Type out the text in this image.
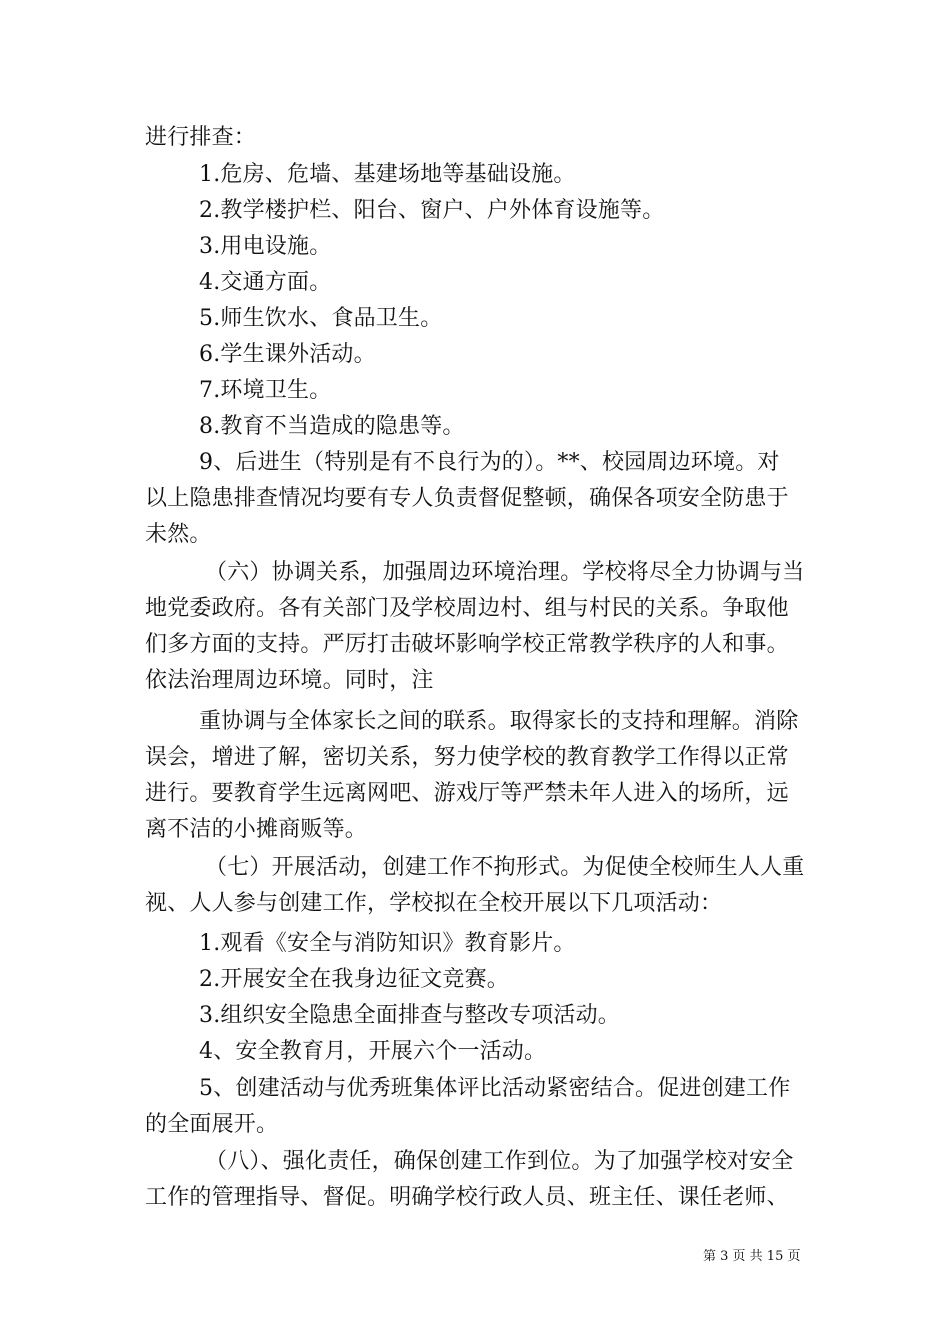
进行排查：
1.危房、危墙、基建场地等基础设施。
2.教学楼护栏、阳台、窗户、户外体育设施等。
3.用电设施。
4.交通方面。
5.师生饮水、食品卫生。
6.学生课外活动。
7.环境卫生。
8.教育不当造成的隐患等。
9、后进生（特别是有不良行为的）。**、校园周边环境。对
以上隐患排查情况均要有专人负责督促整顿，确保各项安全防患于
未然。
（六）协调关系，加强周边环境治理。学校将尽全力协调与当
地党委政府。各有关部门及学校周边村、组与村民的关系。争取他
们多方面的支持。严厉打击破坏影响学校正常教学秩序的人和事。
依法治理周边环境。同时，注
重协调与全体家长之间的联系。取得家长的支持和理解。消除
误会，增进了解，密切关系，努力使学校的教育教学工作得以正常
进行。要教育学生远离网吧、游戏厅等严禁未年人进入的场所，远
离不洁的小摊商贩等。
（七）开展活动，创建工作不拘形式。为促使全校师生人人重
视、人人参与创建工作，学校拟在全校开展以下几项活动：
1.观看《安全与消防知识》教育影片。
2.开展安全在我身边征文竞赛。
3.组织安全隐患全面排查与整改专项活动。
4、安全教育月，开展六个一活动。
5、创建活动与优秀班集体评比活动紧密结合。促进创建工作
的全面展开。
（八）、强化责任，确保创建工作到位。为了加强学校对安全
工作的管理指导、督促。明确学校行政人员、班主任、课任老师、
第 3 页 共 15 页
